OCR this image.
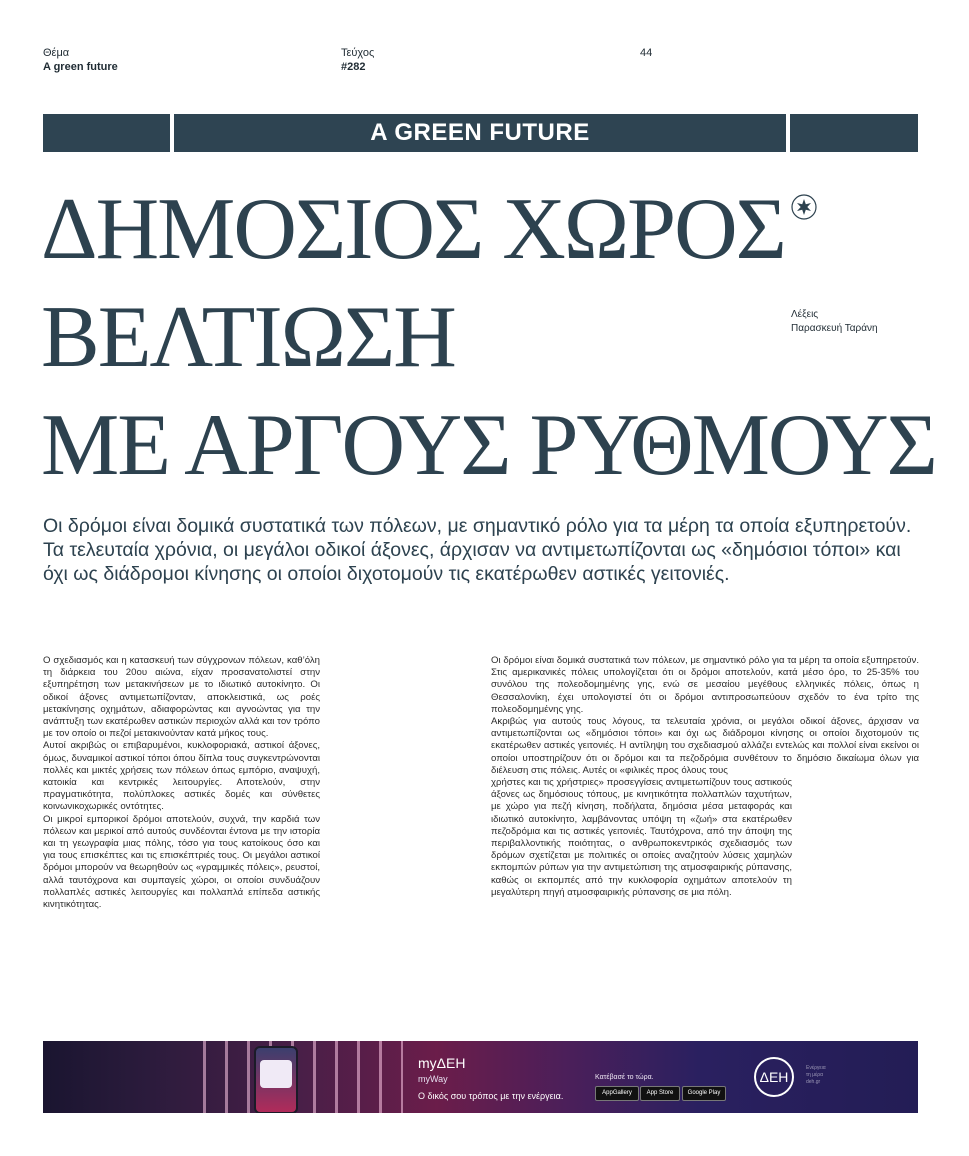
Θέμα
A green future
Τεύχος
#282
44
A GREEN FUTURE
ΔΗΜΟΣΙΟΣ ΧΩΡΟΣ
ΒΕΛΤΙΩΣΗ
ΜΕ ΑΡΓΟΥΣ ΡΥΘΜΟΥΣ
Λέξεις
Παρασκευή Ταράνη

Οι δρόμοι είναι δομικά συστατικά των πόλεων, με σημαντικό ρόλο για τα μέρη τα οποία εξυπηρετούν. Τα τελευταία χρόνια, οι μεγάλοι οδικοί άξονες, άρχισαν να αντιμετωπίζονται ως «δημόσιοι τόποι» και όχι ως διάδρομοι κίνησης οι οποίοι διχοτομούν τις εκατέρωθεν αστικές γειτονιές.

Ο σχεδιασμός και η κατασκευή των σύγχρονων πόλεων, καθ’όλη τη διάρκεια του 20ου αιώνα, είχαν προσανατολιστεί στην εξυπηρέτηση των μετακινήσεων με το ιδιωτικό αυτοκίνητο. Οι οδικοί άξονες αντιμετωπίζονταν, αποκλειστικά, ως ροές μετακίνησης οχημάτων, αδιαφορώντας και αγνοώντας για την ανάπτυξη των εκατέρωθεν αστικών περιοχών αλλά και τον τρόπο με τον οποίο οι πεζοί μετακινούνταν κατά μήκος τους.

Αυτοί ακριβώς οι επιβαρυμένοι, κυκλοφοριακά, αστικοί άξονες, όμως, δυναμικοί αστικοί τόποι όπου δίπλα τους συγκεντρώνονται πολλές και μικτές χρήσεις των πόλεων όπως εμπόριο, αναψυχή, κατοικία και κεντρικές λειτουργίες. Αποτελούν, στην πραγματικότητα, πολύπλοκες αστικές δομές και σύνθετες κοινωνικοχωρικές οντότητες.

Οι μικροί εμπορικοί δρόμοι αποτελούν, συχνά, την καρδιά των πόλεων και μερικοί από αυτούς συνδέονται έντονα με την ιστορία και τη γεωγραφία μιας πόλης, τόσο για τους κατοίκους όσο και για τους επισκέπτες και τις επισκέπτριές τους. Οι μεγάλοι αστικοί δρόμοι μπορούν να θεωρηθούν ως «γραμμικές πόλεις», ρευστοί, αλλά ταυτόχρονα και συμπαγείς χώροι, οι οποίοι συνδυάζουν πολλαπλές αστικές λειτουργίες και πολλαπλά επίπεδα αστικής κινητικότητας.

Οι δρόμοι είναι δομικά συστατικά των πόλεων, με σημαντικό ρόλο για τα μέρη τα οποία εξυπηρετούν. Στις αμερικανικές πόλεις υπολογίζεται ότι οι δρόμοι αποτελούν, κατά μέσο όρο, το 25-35% του συνόλου της πολεοδομημένης γης, ενώ σε μεσαίου μεγέθους ελληνικές πόλεις, όπως η Θεσσαλονίκη, έχει υπολογιστεί ότι οι δρόμοι αντιπροσωπεύουν σχεδόν το ένα τρίτο της πολεοδομημένης γης.

Ακριβώς για αυτούς τους λόγους, τα τελευταία χρόνια, οι μεγάλοι οδικοί άξονες, άρχισαν να αντιμετωπίζονται ως «δημόσιοι τόποι» και όχι ως διάδρομοι κίνησης οι οποίοι διχοτομούν τις εκατέρωθεν αστικές γειτονιές. Η αντίληψη του σχεδιασμού αλλάζει εντελώς και πολλοί είναι εκείνοι οι οποίοι υποστηρίζουν ότι οι δρόμοι και τα πεζοδρόμια συνθέτουν το δημόσιο δικαίωμα όλων για διέλευση στις πόλεις. Αυτές οι «φιλικές προς όλους τους

χρήστες και τις χρήστριες» προσεγγίσεις αντιμετωπίζουν τους αστικούς άξονες ως δημόσιους τόπους, με κινητικότητα πολλαπλών ταχυτήτων, με χώρο για πεζή κίνηση, ποδήλατα, δημόσια μέσα μεταφοράς και ιδιωτικό αυτοκίνητο, λαμβάνοντας υπόψη τη «ζωή» στα εκατέρωθεν πεζοδρόμια και τις αστικές γειτονιές. Ταυτόχρονα, από την άποψη της περιβαλλοντικής ποιότητας, ο ανθρωποκεντρικός σχεδιασμός των δρόμων σχετίζεται με πολιτικές οι οποίες αναζητούν λύσεις χαμηλών εκπομπών ρύπων για την αντιμετώπιση της ατμοσφαιρικής ρύπανσης, καθώς οι εκπομπές από την κυκλοφορία οχημάτων αποτελούν τη μεγαλύτερη πηγή ατμοσφαιρικής ρύπανσης σε μια πόλη.

myΔΕΗ
myWay
Ο δικός σου τρόπος με την ενέργεια.
Κατέβασέ το τώρα.
AppGallery	App Store	Google Play
ΔΕΗ
Ενέργεια
τη μέρα
deh.gr
